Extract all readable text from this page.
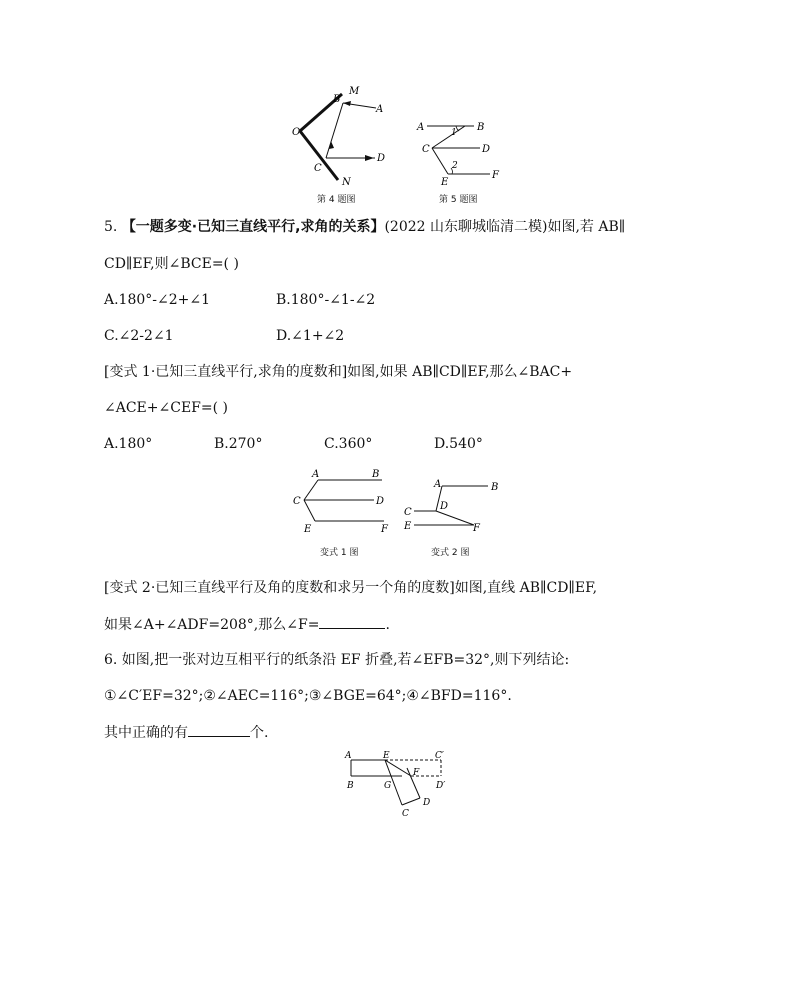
M
B
A
O
C
D
N
第 4 题图
A	B
1
C	D
2
E
F
第 5 题图
5. 【一题多变·已知三直线平行,求角的关系】(2022 山东聊城临清二模)如图,若 AB∥
CD∥EF,则∠BCE=( )
A.180°-∠2+∠1	B.180°-∠1-∠2
C.∠2-2∠1	D.∠1+∠2
[变式 1·已知三直线平行,求角的度数和]如图,如果 AB∥CD∥EF,那么∠BAC+
∠ACE+∠CEF=( )
A.180°	B.270°	C.360°	D.540°
A	B
C	D
E	F
变式 1 图
A	B
D
C
E	F
变式 2 图
[变式 2·已知三直线平行及角的度数和求另一个角的度数]如图,直线 AB∥CD∥EF,
如果∠A+∠ADF=208°,那么∠F=	.
6. 如图,把一张对边互相平行的纸条沿 EF 折叠,若∠EFB=32°,则下列结论:
①∠C′EF=32°;②∠AEC=116°;③∠BGE=64°;④∠BFD=116°.
其中正确的有	个.
A	E	C′
F
B	G	D′
D
C
